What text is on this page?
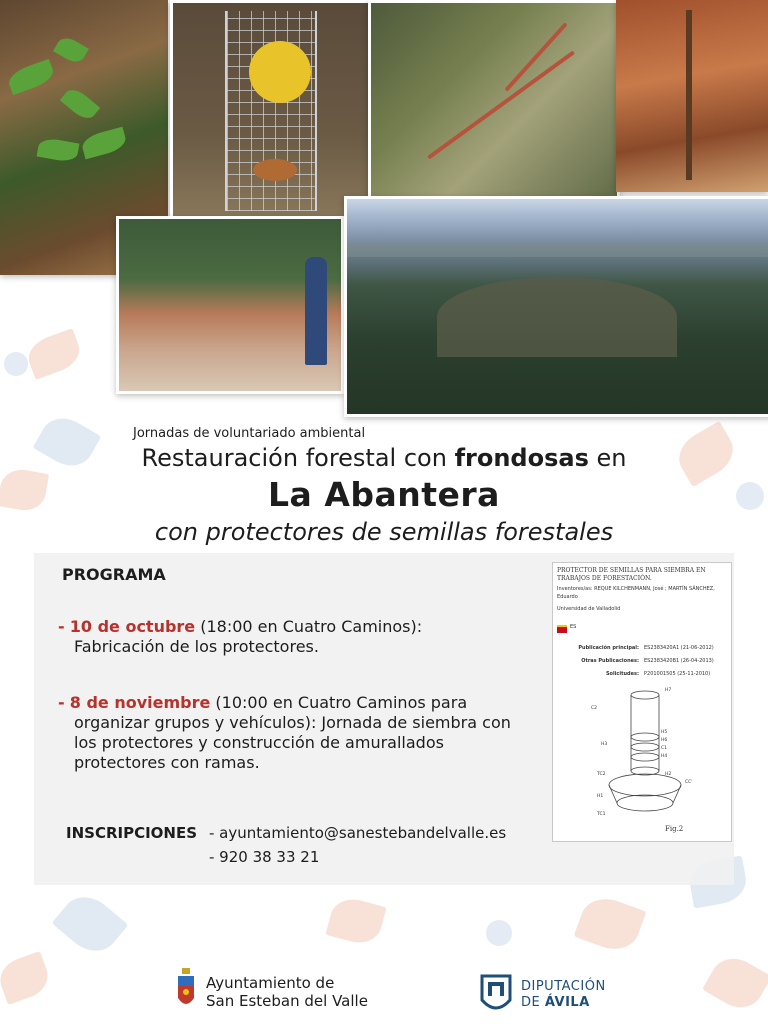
Jornadas de voluntariado ambiental
Restauración forestal con frondosas en
La Abantera
con protectores de semillas forestales
PROGRAMA
- 10 de octubre (18:00 en Cuatro Caminos):
Fabricación de los protectores.
- 8 de noviembre (10:00 en Cuatro Caminos para
organizar grupos y vehículos): Jornada de siembra con los protectores y construcción de amurallados protectores con ramas.
INSCRIPCIONES - ayuntamiento@sanestebandelvalle.es
- 920 38 33 21
PROTECTOR DE SEMILLAS PARA SIEMBRA EN TRABAJOS DE FORESTACIÓN.
Inventores/as: REQUE KILCHENMANN, José ; MARTÍN SÁNCHEZ, Eduardo
Universidad de Valladolid
ES
Publicación principal: ES2383420A1 (21-06-2012)
Otras Publicaciones: ES2383420B1 (26-04-2013)
Solicitudes: P201001505 (25-11-2010)
H7
C2
H5
H6
C1
H4
H3
TC2	H2
CC'
H1
TC1
Fig.2
Ayuntamiento de
San Esteban del Valle
DIPUTACIÓN
DE ÁVILA
